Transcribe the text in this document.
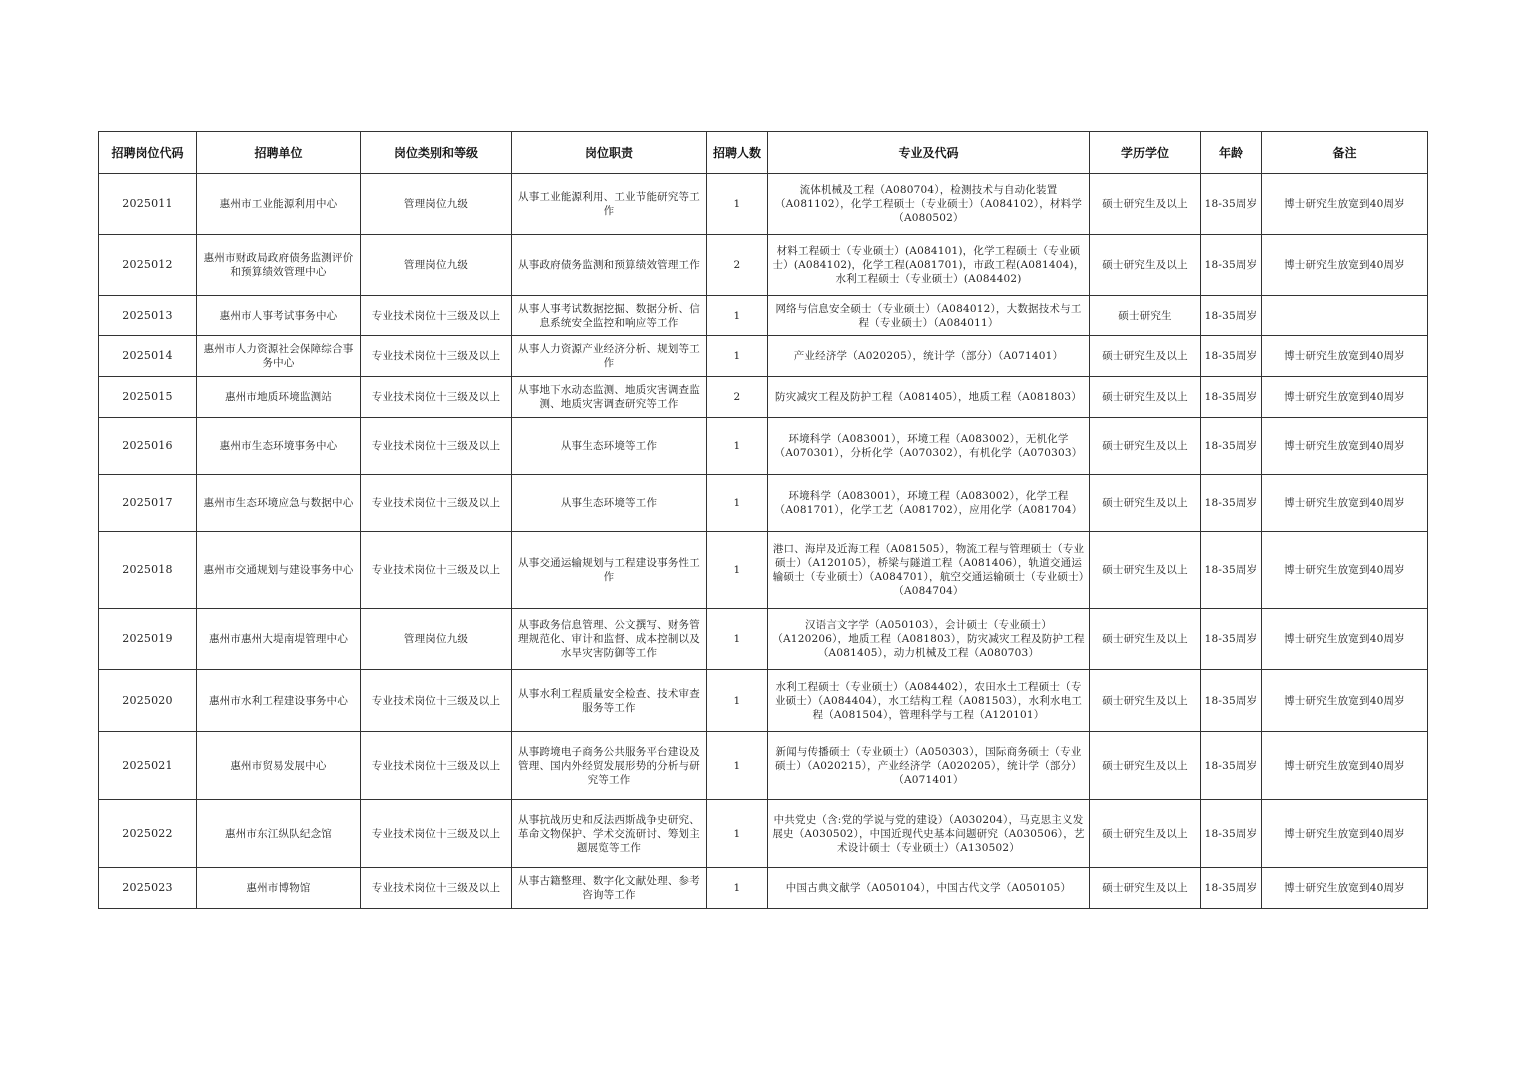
招聘岗位代码	招聘单位	岗位类别和等级	岗位职责	招聘人数	专业及代码	学历学位	年龄	备注
2025011	惠州市工业能源利用中心	管理岗位九级	从事工业能源利用、工业节能研究等工作	1	流体机械及工程（A080704），检测技术与自动化装置（A081102），化学工程硕士（专业硕士）（A084102），材料学（A080502）	硕士研究生及以上	18-35周岁	博士研究生放宽到40周岁
2025012	惠州市财政局政府债务监测评价和预算绩效管理中心	管理岗位九级	从事政府债务监测和预算绩效管理工作	2	材料工程硕士（专业硕士）(A084101)，化学工程硕士（专业硕士）(A084102)，化学工程(A081701)，市政工程(A081404)，水利工程硕士（专业硕士）(A084402)	硕士研究生及以上	18-35周岁	博士研究生放宽到40周岁
2025013	惠州市人事考试事务中心	专业技术岗位十三级及以上	从事人事考试数据挖掘、数据分析、信息系统安全监控和响应等工作	1	网络与信息安全硕士（专业硕士）（A084012），大数据技术与工程（专业硕士）（A084011）	硕士研究生	18-35周岁	
2025014	惠州市人力资源社会保障综合事务中心	专业技术岗位十三级及以上	从事人力资源产业经济分析、规划等工作	1	产业经济学（A020205），统计学（部分）（A071401）	硕士研究生及以上	18-35周岁	博士研究生放宽到40周岁
2025015	惠州市地质环境监测站	专业技术岗位十三级及以上	从事地下水动态监测、地质灾害调查监测、地质灾害调查研究等工作	2	防灾减灾工程及防护工程（A081405），地质工程（A081803）	硕士研究生及以上	18-35周岁	博士研究生放宽到40周岁
2025016	惠州市生态环境事务中心	专业技术岗位十三级及以上	从事生态环境等工作	1	环境科学（A083001），环境工程（A083002），无机化学（A070301），分析化学（A070302），有机化学（A070303）	硕士研究生及以上	18-35周岁	博士研究生放宽到40周岁
2025017	惠州市生态环境应急与数据中心	专业技术岗位十三级及以上	从事生态环境等工作	1	环境科学（A083001），环境工程（A083002），化学工程（A081701），化学工艺（A081702），应用化学（A081704）	硕士研究生及以上	18-35周岁	博士研究生放宽到40周岁
2025018	惠州市交通规划与建设事务中心	专业技术岗位十三级及以上	从事交通运输规划与工程建设事务性工作	1	港口、海岸及近海工程（A081505），物流工程与管理硕士（专业硕士）（A120105），桥梁与隧道工程（A081406），轨道交通运输硕士（专业硕士）（A084701），航空交通运输硕士（专业硕士）（A084704）	硕士研究生及以上	18-35周岁	博士研究生放宽到40周岁
2025019	惠州市惠州大堤南堤管理中心	管理岗位九级	从事政务信息管理、公文撰写、财务管理规范化、审计和监督、成本控制以及水旱灾害防御等工作	1	汉语言文字学（A050103），会计硕士（专业硕士）（A120206），地质工程（A081803），防灾减灾工程及防护工程（A081405），动力机械及工程（A080703）	硕士研究生及以上	18-35周岁	博士研究生放宽到40周岁
2025020	惠州市水利工程建设事务中心	专业技术岗位十三级及以上	从事水利工程质量安全检查、技术审查服务等工作	1	水利工程硕士（专业硕士）（A084402），农田水土工程硕士（专业硕士）（A084404），水工结构工程（A081503），水利水电工程（A081504），管理科学与工程（A120101）	硕士研究生及以上	18-35周岁	博士研究生放宽到40周岁
2025021	惠州市贸易发展中心	专业技术岗位十三级及以上	从事跨境电子商务公共服务平台建设及管理、国内外经贸发展形势的分析与研究等工作	1	新闻与传播硕士（专业硕士）（A050303），国际商务硕士（专业硕士）（A020215），产业经济学（A020205），统计学（部分）（A071401）	硕士研究生及以上	18-35周岁	博士研究生放宽到40周岁
2025022	惠州市东江纵队纪念馆	专业技术岗位十三级及以上	从事抗战历史和反法西斯战争史研究、革命文物保护、学术交流研讨、筹划主题展览等工作	1	中共党史（含:党的学说与党的建设）（A030204），马克思主义发展史（A030502），中国近现代史基本问题研究（A030506），艺术设计硕士（专业硕士）（A130502）	硕士研究生及以上	18-35周岁	博士研究生放宽到40周岁
2025023	惠州市博物馆	专业技术岗位十三级及以上	从事古籍整理、数字化文献处理、参考咨询等工作	1	中国古典文献学（A050104），中国古代文学（A050105）	硕士研究生及以上	18-35周岁	博士研究生放宽到40周岁
